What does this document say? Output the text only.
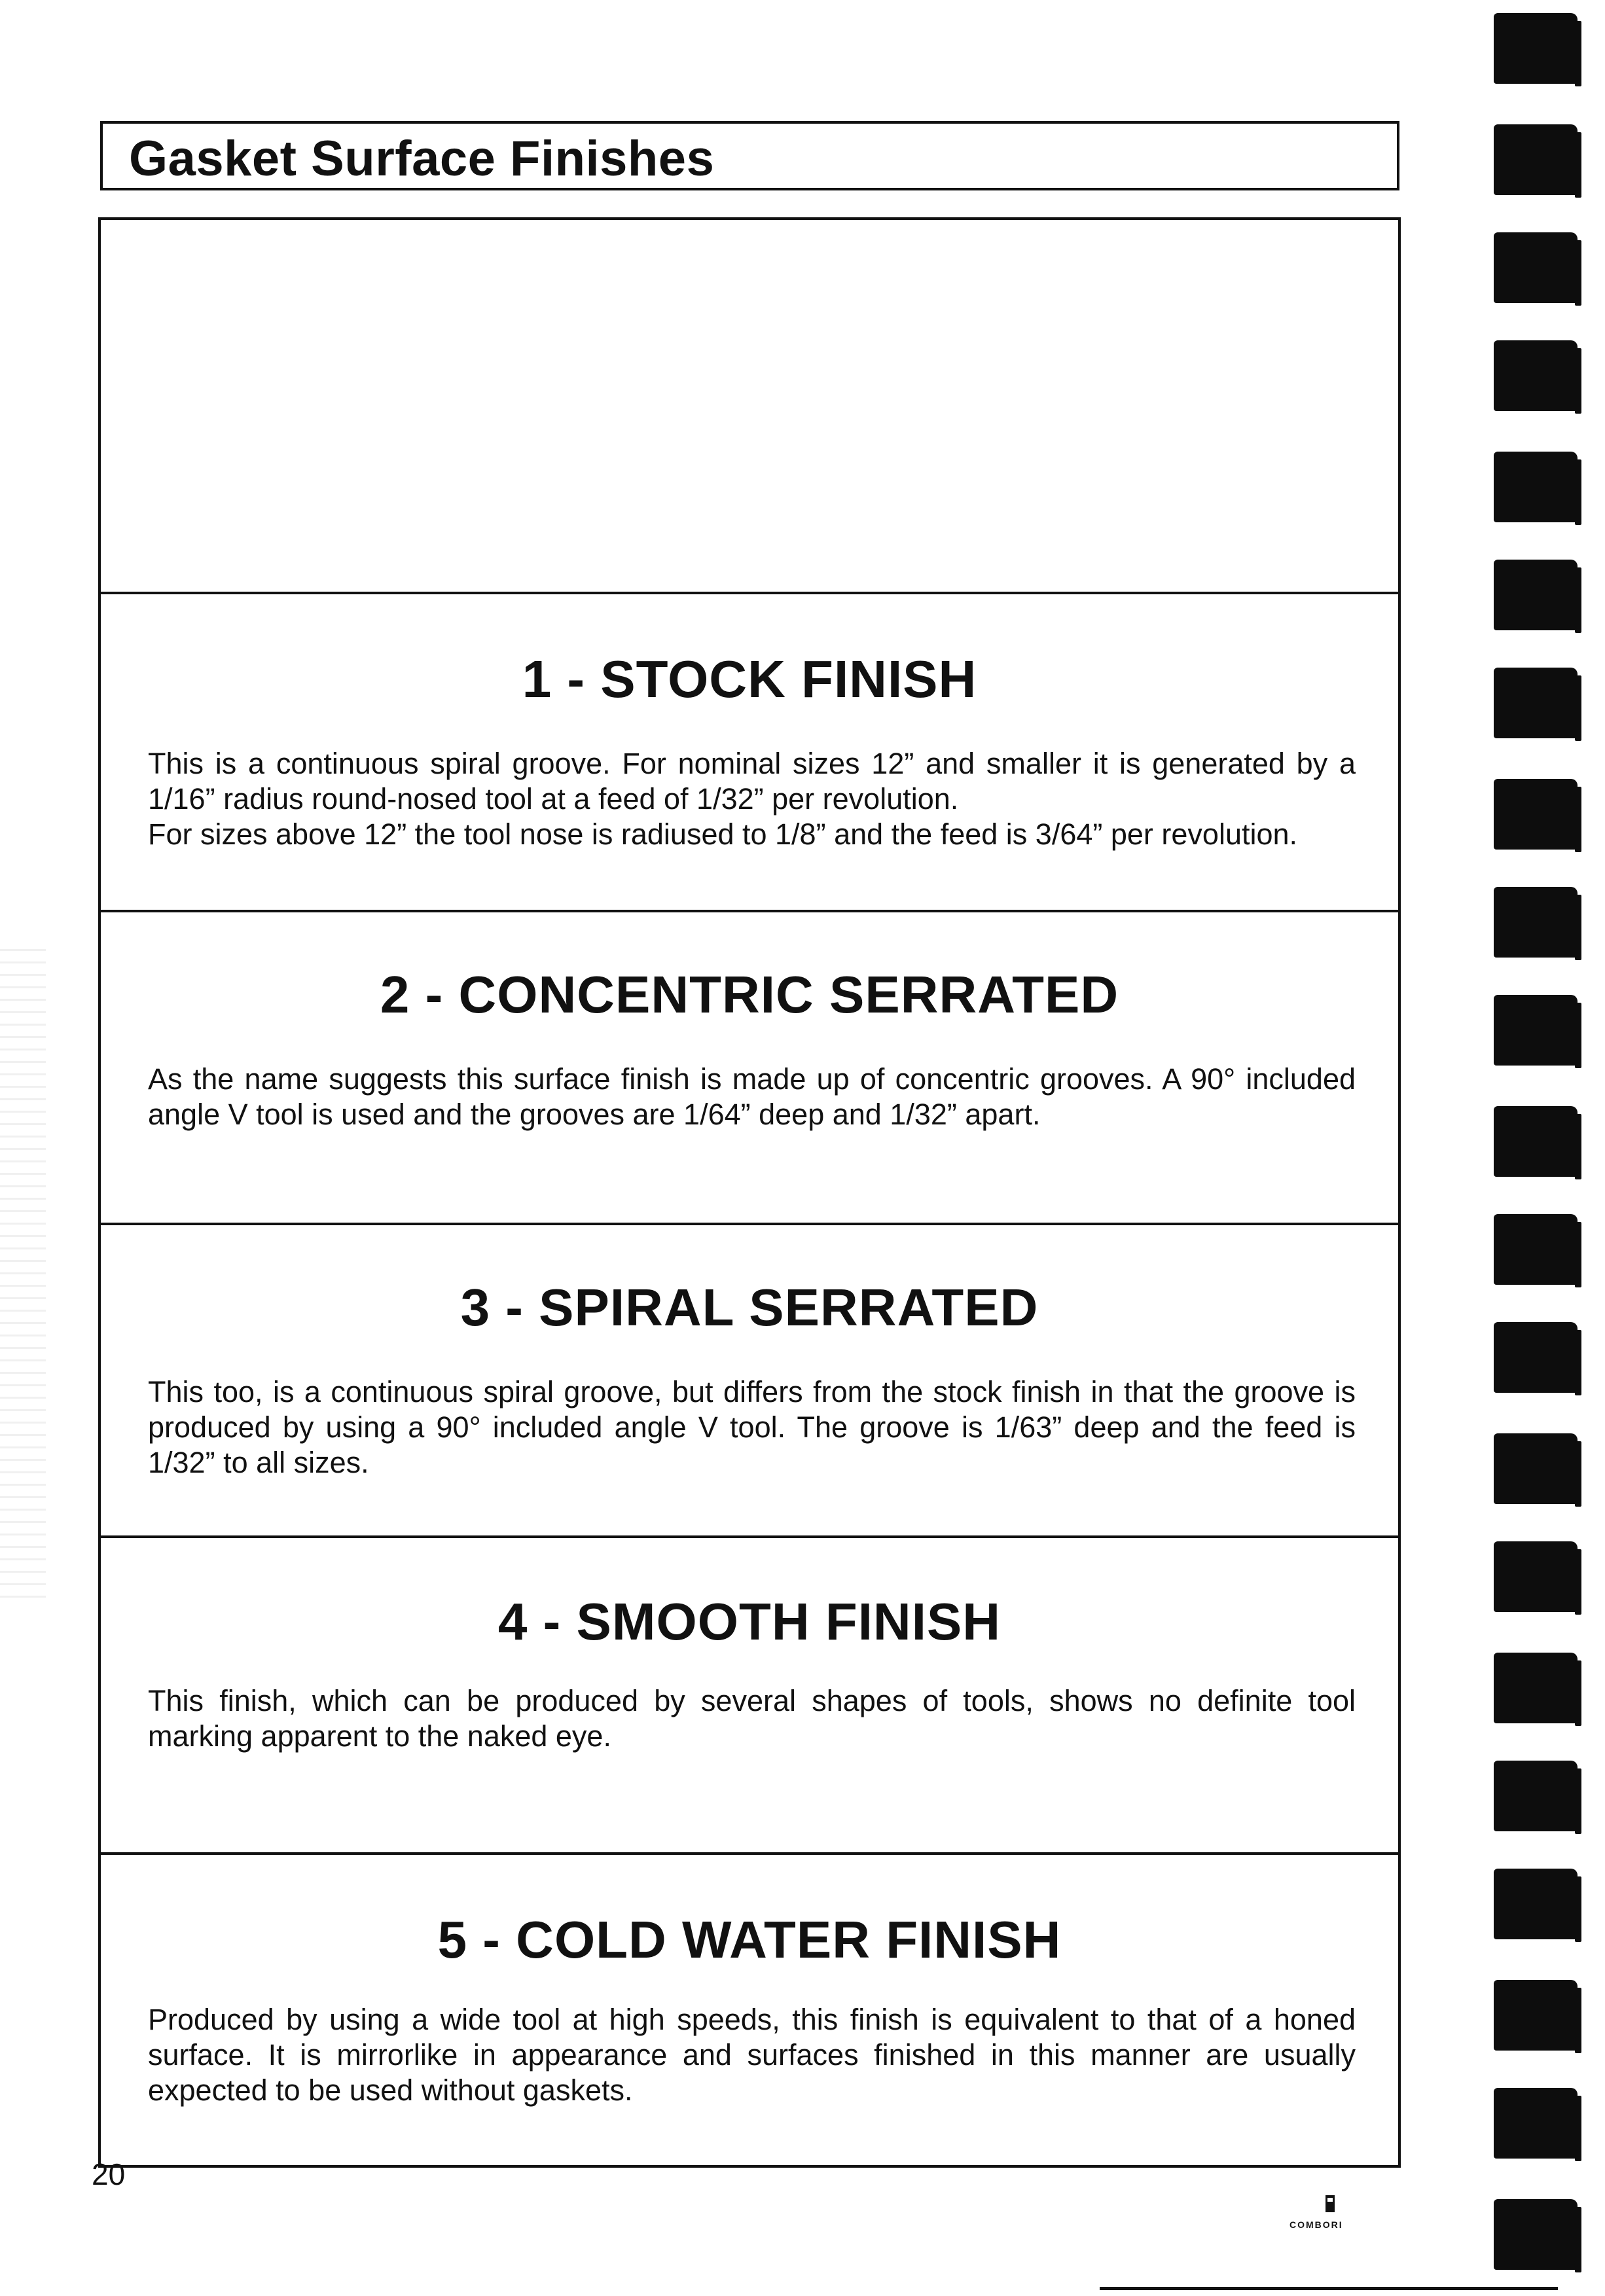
Gasket Surface Finishes
1 - STOCK FINISH

This is a continuous spiral groove. For nominal sizes 12” and smaller it is generated by a 1/16” radius round-nosed tool at a feed of 1/32” per revolution.

For sizes above 12” the tool nose is radiused to 1/8” and the feed is 3/64” per revolution.

2 - CONCENTRIC SERRATED

As the name suggests this surface finish is made up of concentric grooves. A 90° included angle V tool is used and the grooves are 1/64” deep and 1/32” apart.

3 - SPIRAL SERRATED

This too, is a continuous spiral groove, but differs from the stock finish in that the groove is produced by using a 90° included angle V tool. The groove is 1/63” deep and the feed is 1/32” to all sizes.

4 - SMOOTH FINISH

This finish, which can be produced by several shapes of tools, shows no definite tool marking apparent to the naked eye.

5 - COLD WATER FINISH

Produced by using a wide tool at high speeds, this finish is equivalent to that of a honed surface. It is mirrorlike in appearance and surfaces finished in this manner are usually expected to be used without gaskets.

20
COMBORI
